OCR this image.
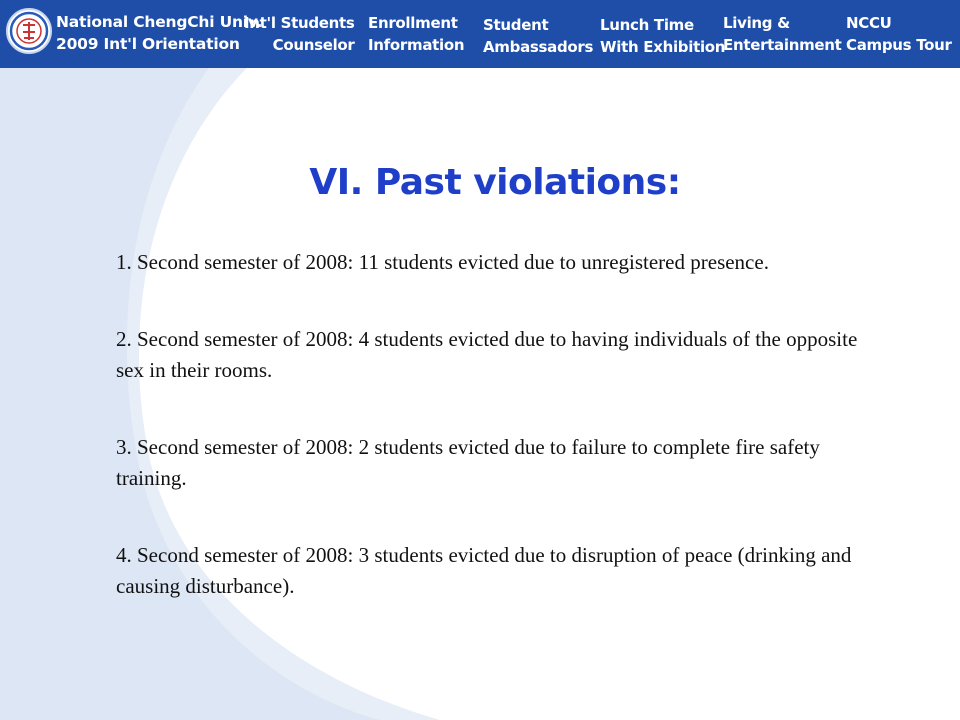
National ChengChi Univ.
2009 Int'l Orientation
Int'l Students
Counselor
Enrollment
Information
Student
Ambassadors
Lunch Time
With Exhibition
Living &
Entertainment
NCCU
Campus Tour
VI. Past violations:

1. Second semester of 2008: 11 students evicted due to unregistered presence.

2. Second semester of 2008: 4 students evicted due to having individuals of the opposite sex in their rooms.

3. Second semester of 2008: 2 students evicted due to failure to complete fire safety training.

4. Second semester of 2008: 3 students evicted due to disruption of peace (drinking and causing disturbance).
